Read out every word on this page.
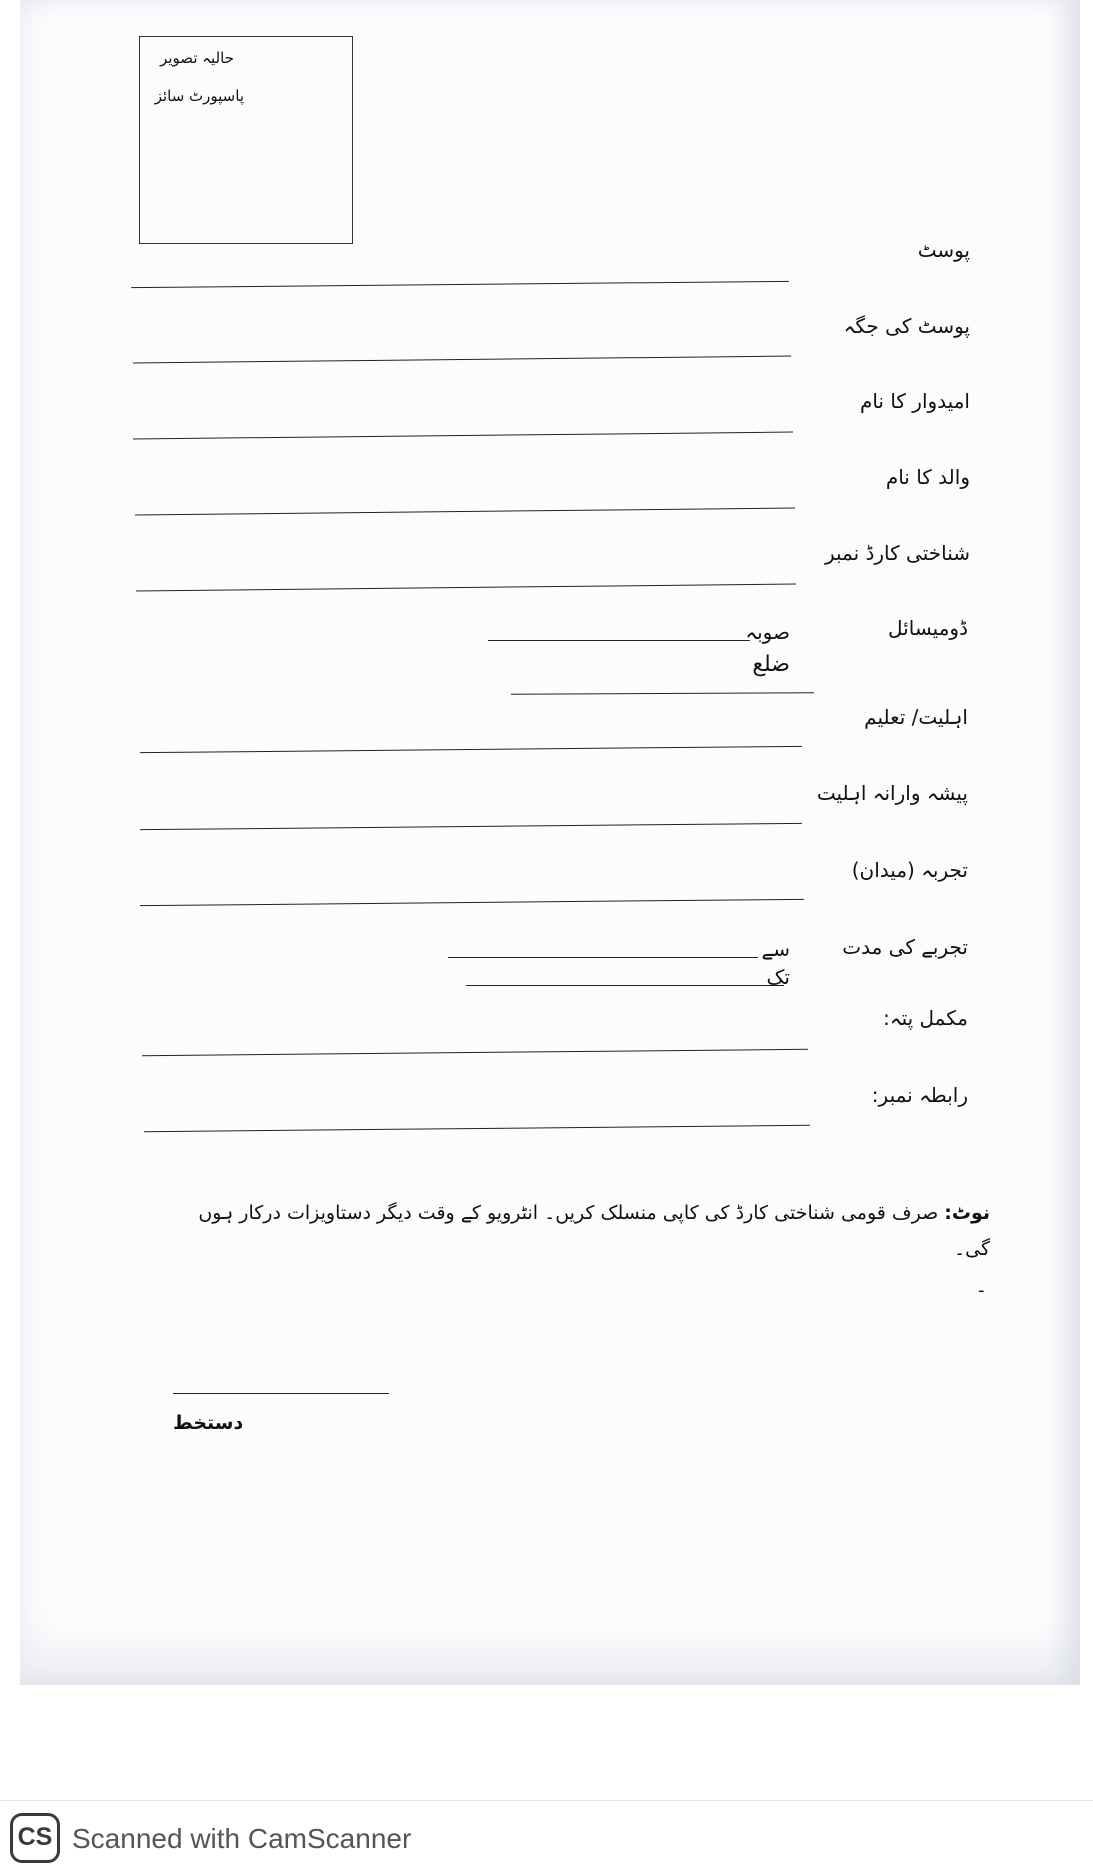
حالیہ تصویر
پاسپورٹ سائز
پوسٹ
پوسٹ کی جگہ
امیدوار کا نام
والد کا نام
شناختی کارڈ نمبر
ڈومیسائل
صوبہ
ضلع
اہلیت/ تعلیم
پیشہ وارانہ اہلیت
تجربہ (میدان)
تجربے کی مدت
سے
تک
مکمل پتہ:
رابطہ نمبر:
نوٹ: صرف قومی شناختی کارڈ کی کاپی منسلک کریں۔ انٹرویو کے وقت دیگر دستاویزات درکار ہوں گی۔
-
دستخط
CS Scanned with CamScanner
